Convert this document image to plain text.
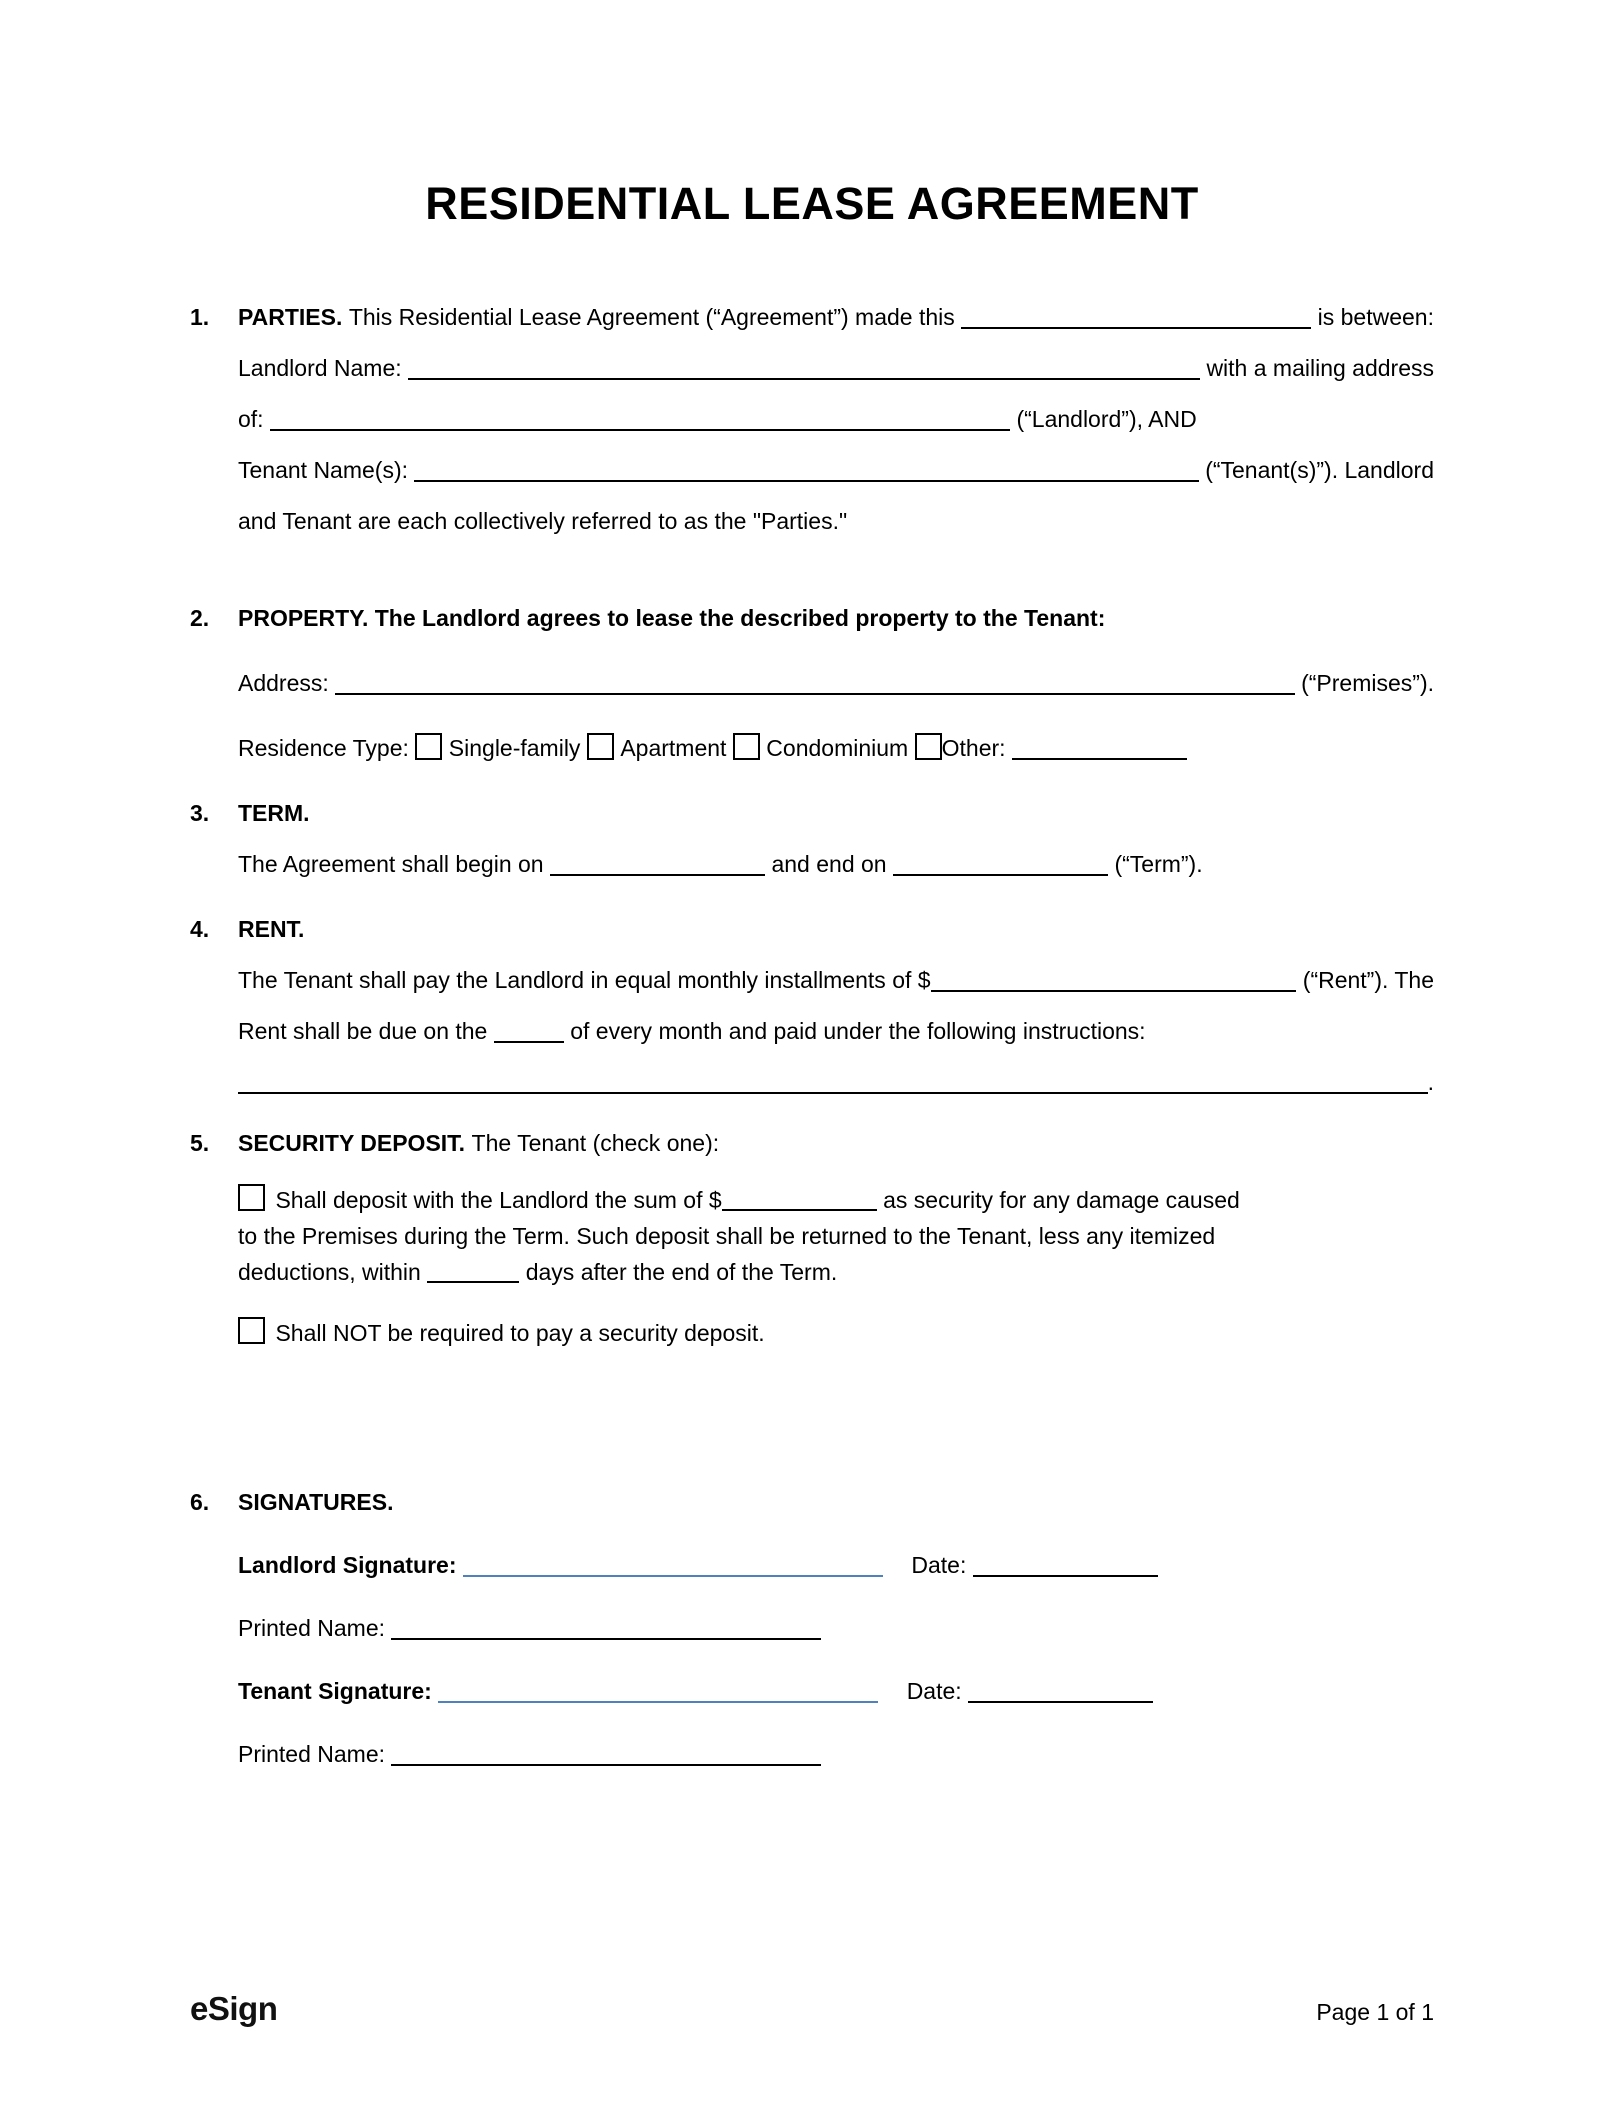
RESIDENTIAL LEASE AGREEMENT
1. PARTIES. This Residential Lease Agreement (“Agreement”) made this	is between:
Landlord Name:	with a mailing address
of:	(“Landlord”), AND
Tenant Name(s):	(“Tenant(s)”). Landlord
and Tenant are each collectively referred to as the "Parties."
2. PROPERTY. The Landlord agrees to lease the described property to the Tenant:
Address:	(“Premises”).
Residence Type: Single-family Apartment Condominium Other:
3. TERM.
The Agreement shall begin on	and end on	(“Term”).
4. RENT.
The Tenant shall pay the Landlord in equal monthly installments of $	(“Rent”). The
Rent shall be due on the	of every month and paid under the following instructions:
.
5. SECURITY DEPOSIT. The Tenant (check one):
Shall deposit with the Landlord the sum of $	as security for any damage caused
to the Premises during the Term. Such deposit shall be returned to the Tenant, less any itemized
deductions, within	days after the end of the Term.
Shall NOT be required to pay a security deposit.
6. SIGNATURES.
Landlord Signature:	Date:
Printed Name:
Tenant Signature:	Date:
Printed Name:
eSign	Page 1 of 1
